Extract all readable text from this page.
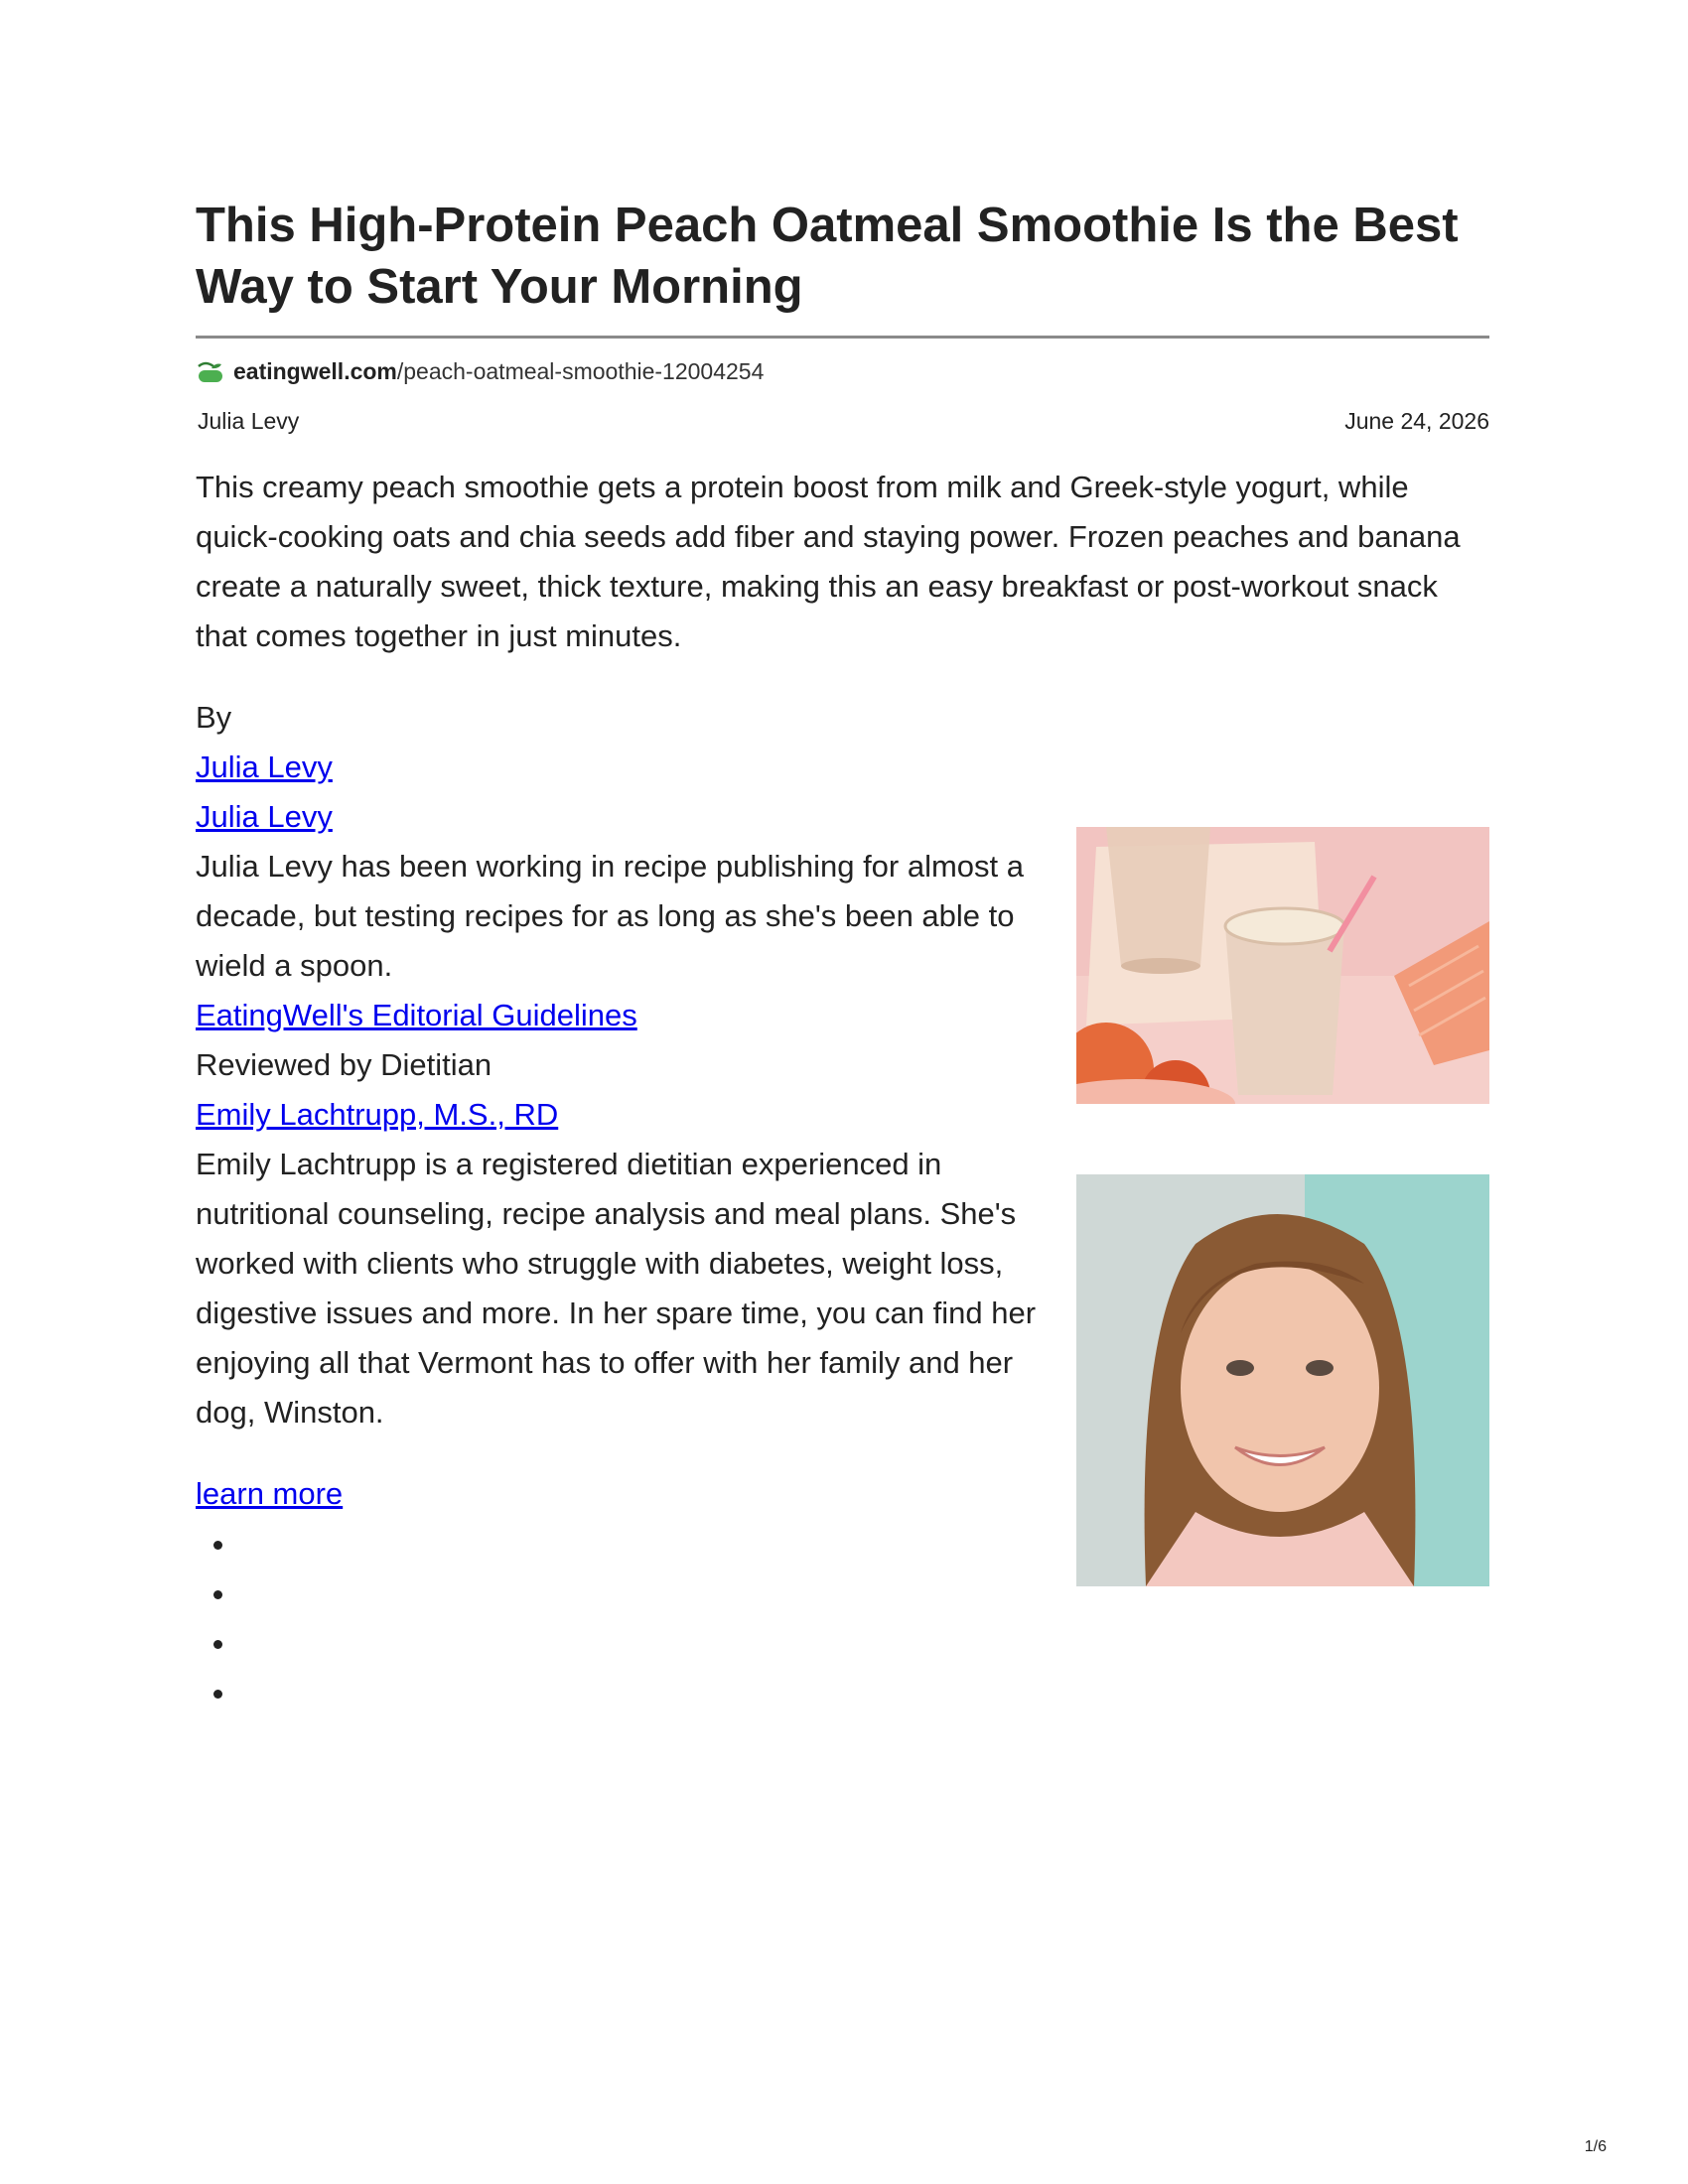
This High-Protein Peach Oatmeal Smoothie Is the Best Way to Start Your Morning
eatingwell.com /peach-oatmeal-smoothie-12004254
Julia Levy	June 24, 2026
This creamy peach smoothie gets a protein boost from milk and Greek-style yogurt, while quick-cooking oats and chia seeds add fiber and staying power. Frozen peaches and banana create a naturally sweet, thick texture, making this an easy breakfast or post-workout snack that comes together in just minutes.
By
Julia Levy
Julia Levy
Julia Levy has been working in recipe publishing for almost a decade, but testing recipes for as long as she's been able to wield a spoon.
EatingWell's Editorial Guidelines
Reviewed by Dietitian
Emily Lachtrupp, M.S., RD
Emily Lachtrupp is a registered dietitian experienced in nutritional counseling, recipe analysis and meal plans. She's worked with clients who struggle with diabetes, weight loss, digestive issues and more. In her spare time, you can find her enjoying all that Vermont has to offer with her family and her dog, Winston.
learn more
•
•
•
•
1/6
